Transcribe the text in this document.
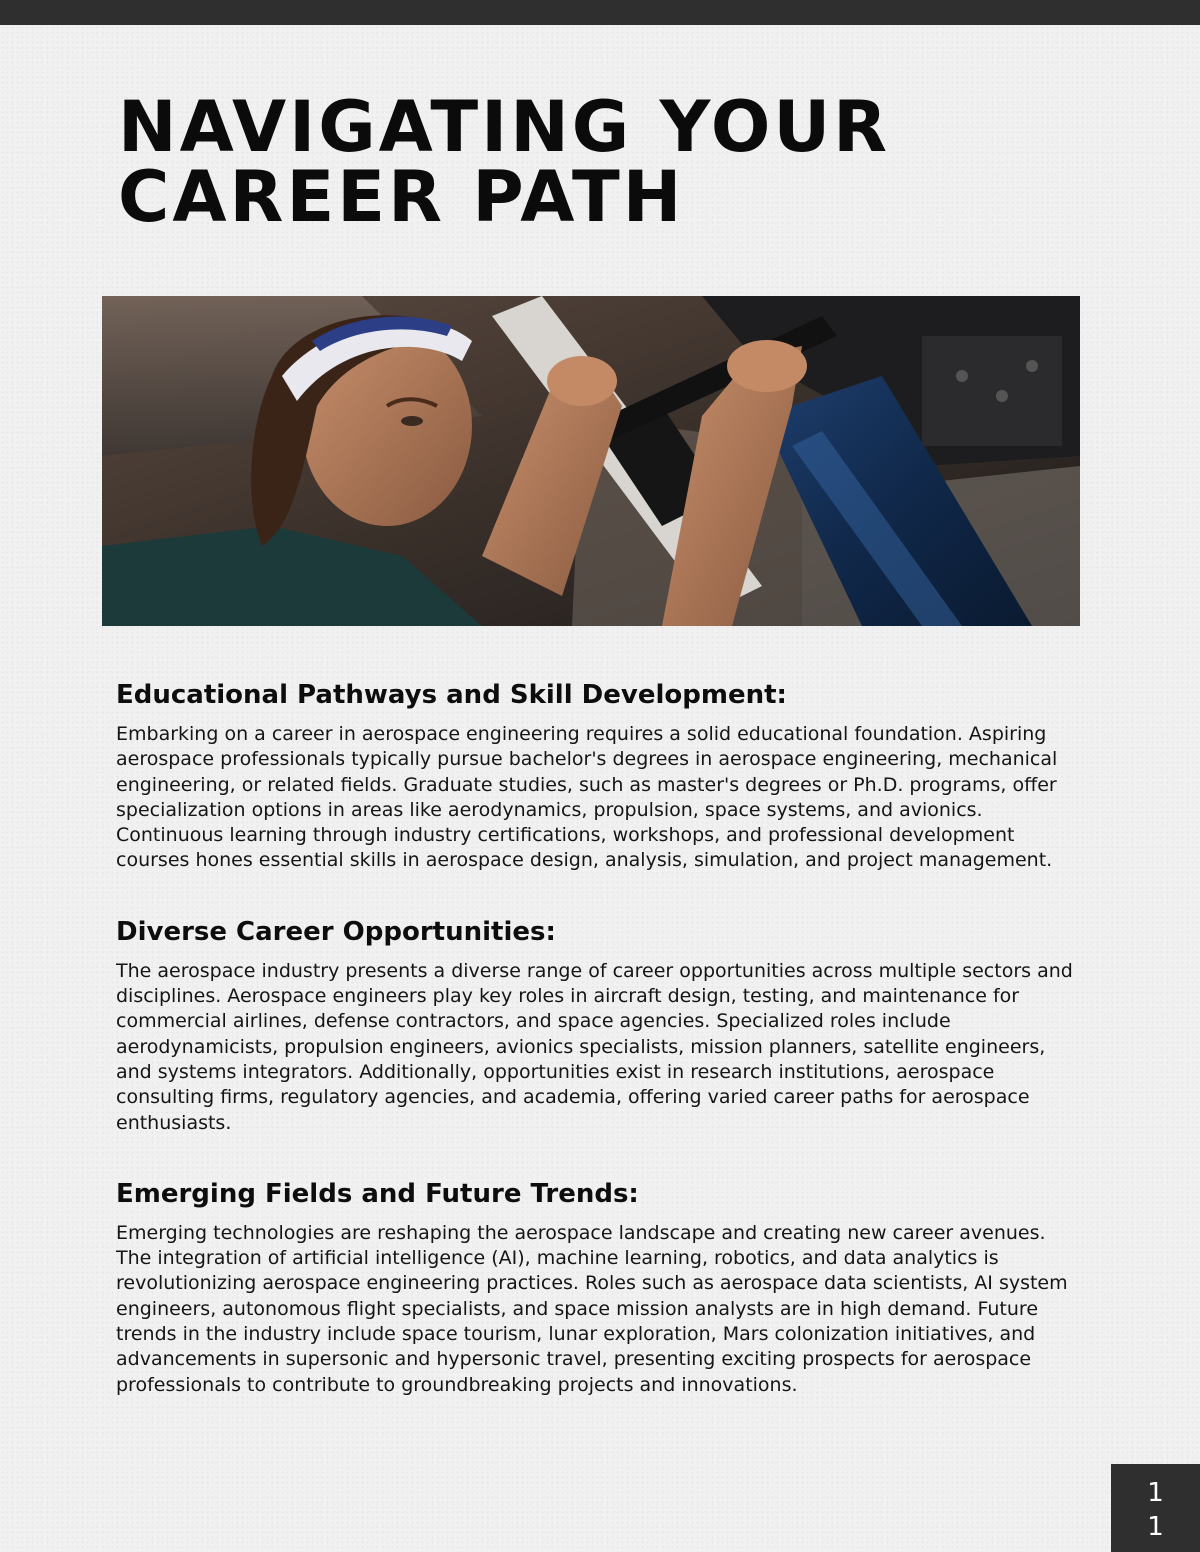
NAVIGATING YOUR
CAREER PATH
Educational Pathways and Skill Development:

Embarking on a career in aerospace engineering requires a solid educational foundation. Aspiring aerospace professionals typically pursue bachelor's degrees in aerospace engineering, mechanical engineering, or related fields. Graduate studies, such as master's degrees or Ph.D. programs, offer specialization options in areas like aerodynamics, propulsion, space systems, and avionics. Continuous learning through industry certifications, workshops, and professional development courses hones essential skills in aerospace design, analysis, simulation, and project management.

Diverse Career Opportunities:

The aerospace industry presents a diverse range of career opportunities across multiple sectors and disciplines. Aerospace engineers play key roles in aircraft design, testing, and maintenance for commercial airlines, defense contractors, and space agencies. Specialized roles include aerodynamicists, propulsion engineers, avionics specialists, mission planners, satellite engineers, and systems integrators. Additionally, opportunities exist in research institutions, aerospace consulting firms, regulatory agencies, and academia, offering varied career paths for aerospace enthusiasts.

Emerging Fields and Future Trends:

Emerging technologies are reshaping the aerospace landscape and creating new career avenues. The integration of artificial intelligence (AI), machine learning, robotics, and data analytics is revolutionizing aerospace engineering practices. Roles such as aerospace data scientists, AI system engineers, autonomous flight specialists, and space mission analysts are in high demand. Future trends in the industry include space tourism, lunar exploration, Mars colonization initiatives, and advancements in supersonic and hypersonic travel, presenting exciting prospects for aerospace professionals to contribute to groundbreaking projects and innovations.

1
1
